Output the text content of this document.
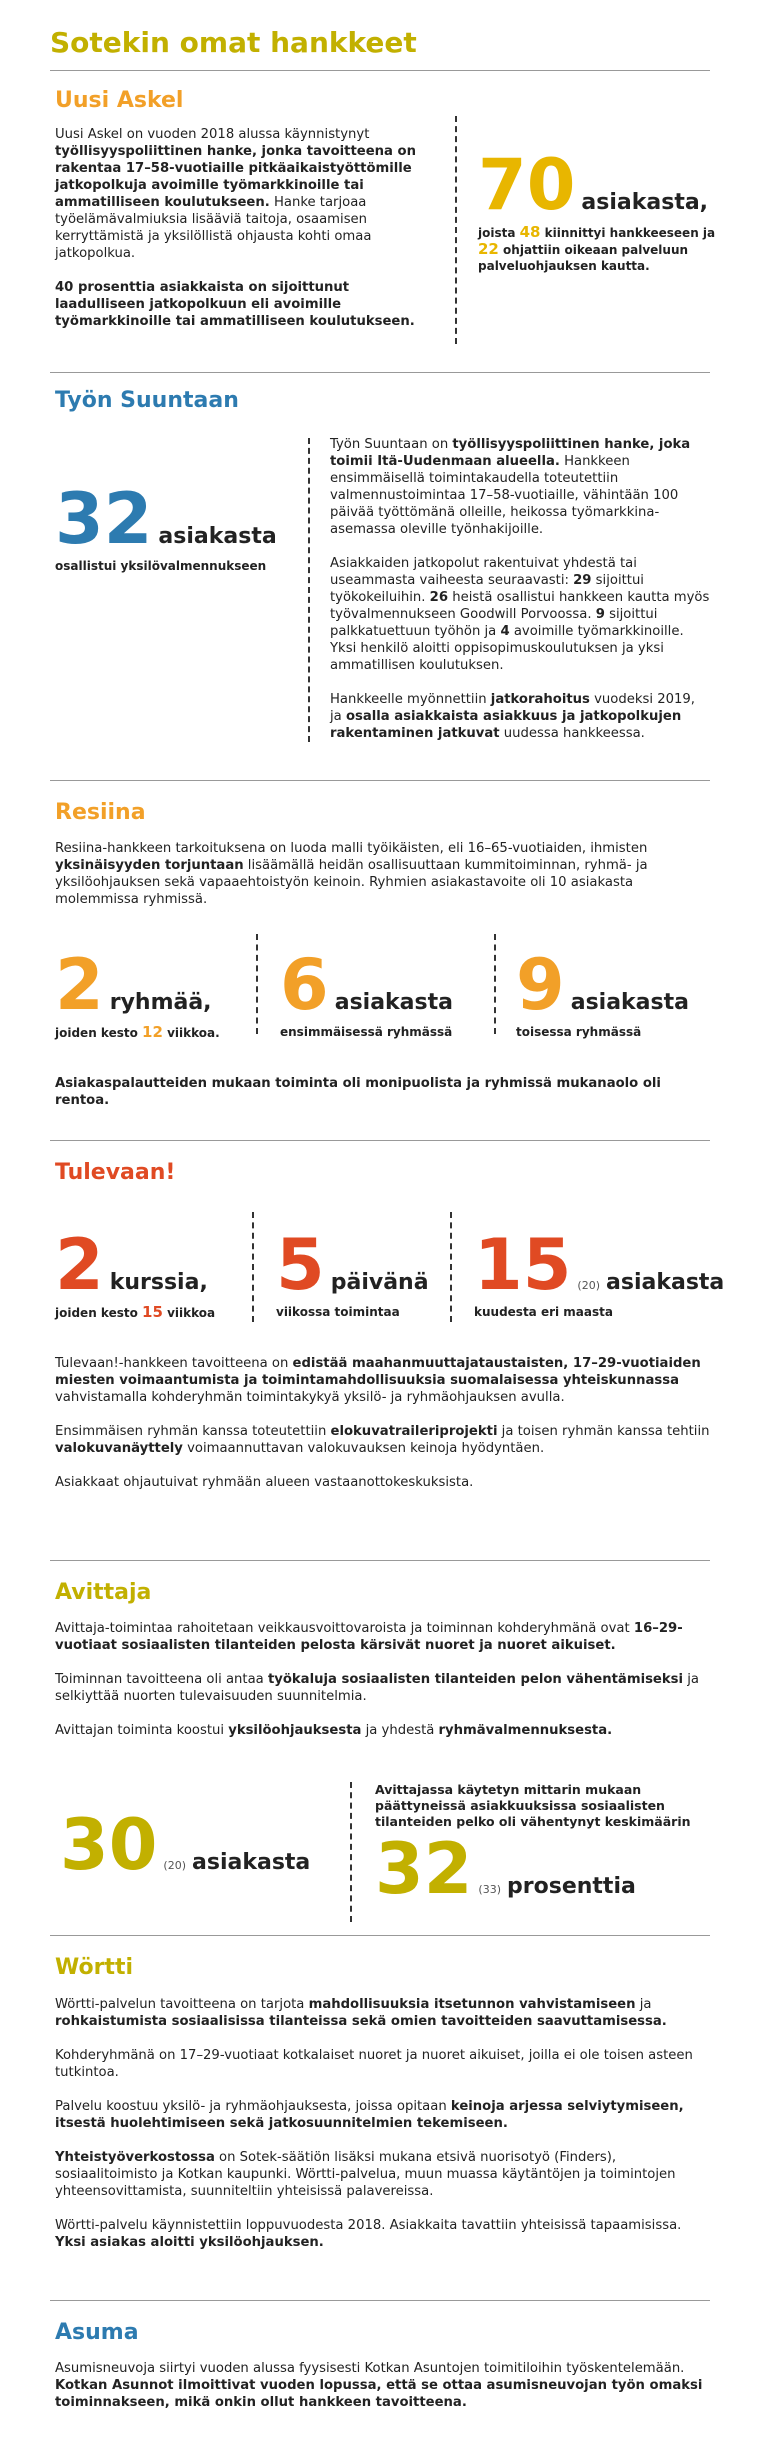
Sotekin omat hankkeet
Uusi Askel

Uusi Askel on vuoden 2018 alussa käynnistynyt työllisyyspoliittinen hanke, jonka tavoitteena on rakentaa 17–58-vuotiaille pitkäaikaistyöttömille jatkopolkuja avoimille työmarkkinoille tai ammatilliseen koulutukseen. Hanke tarjoaa työelämävalmiuksia lisääviä taitoja, osaamisen kerryttämistä ja yksilöllistä ohjausta kohti omaa jatkopolkua.

40 prosenttia asiakkaista on sijoittunut laadulliseen jatkopolkuun eli avoimille työmarkkinoille tai ammatilliseen koulutukseen.

70 asiakasta,
joista 48 kiinnittyi hankkeeseen ja 22 ohjattiin oikeaan palveluun palveluohjauksen kautta.
Työn Suuntaan
32 asiakasta
osallistui yksilövalmennukseen

Työn Suuntaan on työllisyyspoliittinen hanke, joka toimii Itä-Uudenmaan alueella. Hankkeen ensimmäisellä toimintakaudella toteutettiin valmennustoimintaa 17–58-vuotiaille, vähintään 100 päivää työttömänä olleille, heikossa työmarkkina-asemassa oleville työnhakijoille.

Asiakkaiden jatkopolut rakentuivat yhdestä tai useammasta vaiheesta seuraavasti: 29 sijoittui työkokeiluihin. 26 heistä osallistui hankkeen kautta myös työvalmennukseen Goodwill Porvoossa. 9 sijoittui palkkatuettuun työhön ja 4 avoimille työmarkkinoille. Yksi henkilö aloitti oppisopimuskoulutuksen ja yksi ammatillisen koulutuksen.

Hankkeelle myönnettiin jatkorahoitus vuodeksi 2019, ja osalla asiakkaista asiakkuus ja jatkopolkujen rakentaminen jatkuvat uudessa hankkeessa.

Resiina

Resiina-hankkeen tarkoituksena on luoda malli työikäisten, eli 16–65-vuotiaiden, ihmisten yksinäisyyden torjuntaan lisäämällä heidän osallisuuttaan kummitoiminnan, ryhmä- ja yksilöohjauksen sekä vapaaehtoistyön keinoin. Ryhmien asiakastavoite oli 10 asiakasta molemmissa ryhmissä.

2 ryhmää,
joiden kesto 12 viikkoa.
6 asiakasta
ensimmäisessä ryhmässä
9 asiakasta
toisessa ryhmässä
Asiakaspalautteiden mukaan toiminta oli monipuolista ja ryhmissä mukanaolo oli rentoa.
Tulevaan!
2 kurssia,
joiden kesto 15 viikkoa
5 päivänä
viikossa toimintaa
15 (20) asiakasta
kuudesta eri maasta

Tulevaan!-hankkeen tavoitteena on edistää maahanmuuttajataustaisten, 17–29-vuotiaiden miesten voimaantumista ja toimintamahdollisuuksia suomalaisessa yhteiskunnassa vahvistamalla kohderyhmän toimintakykyä yksilö- ja ryhmäohjauksen avulla.

Ensimmäisen ryhmän kanssa toteutettiin elokuvatraileriprojekti ja toisen ryhmän kanssa tehtiin valokuvanäyttely voimaannuttavan valokuvauksen keinoja hyödyntäen.

Asiakkaat ohjautuivat ryhmään alueen vastaanottokeskuksista.

Avittaja

Avittaja-toimintaa rahoitetaan veikkausvoittovaroista ja toiminnan kohderyhmänä ovat 16–29-vuotiaat sosiaalisten tilanteiden pelosta kärsivät nuoret ja nuoret aikuiset.

Toiminnan tavoitteena oli antaa työkaluja sosiaalisten tilanteiden pelon vähentämiseksi ja selkiyttää nuorten tulevaisuuden suunnitelmia.

Avittajan toiminta koostui yksilöohjauksesta ja yhdestä ryhmävalmennuksesta.

30 (20) asiakasta
Avittajassa käytetyn mittarin mukaan päättyneissä asiakkuuksissa sosiaalisten tilanteiden pelko oli vähentynyt keskimäärin
32 (33) prosenttia
Wörtti

Wörtti-palvelun tavoitteena on tarjota mahdollisuuksia itsetunnon vahvistamiseen ja rohkaistumista sosiaalisissa tilanteissa sekä omien tavoitteiden saavuttamisessa.

Kohderyhmänä on 17–29-vuotiaat kotkalaiset nuoret ja nuoret aikuiset, joilla ei ole toisen asteen tutkintoa.

Palvelu koostuu yksilö- ja ryhmäohjauksesta, joissa opitaan keinoja arjessa selviytymiseen, itsestä huolehtimiseen sekä jatkosuunnitelmien tekemiseen.

Yhteistyöverkostossa on Sotek-säätiön lisäksi mukana etsivä nuorisotyö (Finders), sosiaalitoimisto ja Kotkan kaupunki. Wörtti-palvelua, muun muassa käytäntöjen ja toimintojen yhteensovittamista, suunniteltiin yhteisissä palavereissa.

Wörtti-palvelu käynnistettiin loppuvuodesta 2018. Asiakkaita tavattiin yhteisissä tapaamisissa. Yksi asiakas aloitti yksilöohjauksen.

Asuma

Asumisneuvoja siirtyi vuoden alussa fyysisesti Kotkan Asuntojen toimitiloihin työskentelemään. Kotkan Asunnot ilmoittivat vuoden lopussa, että se ottaa asumisneuvojan työn omaksi toiminnakseen, mikä onkin ollut hankkeen tavoitteena.
